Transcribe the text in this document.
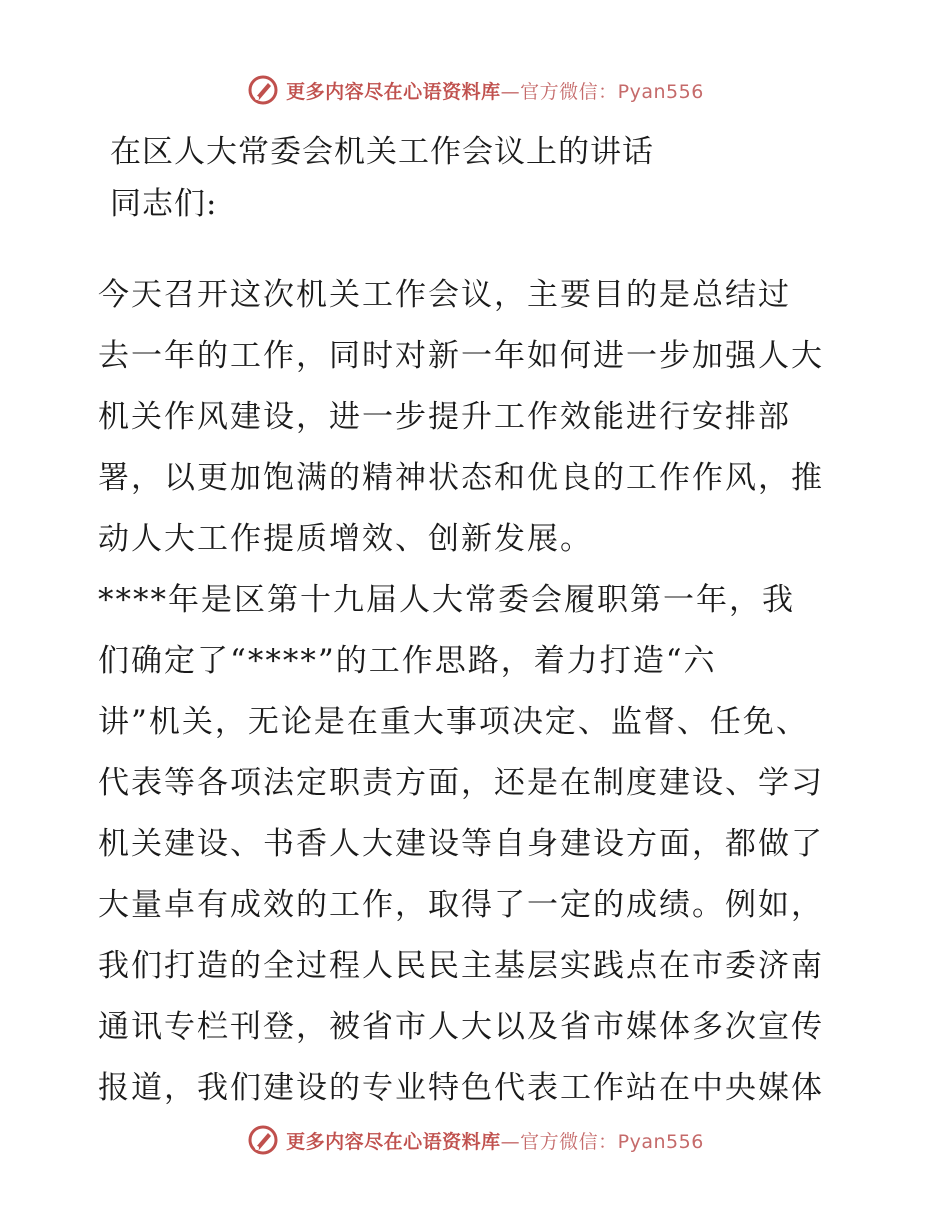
更多内容尽在心语资料库—官方微信：Pyan556
在区人大常委会机关工作会议上的讲话
同志们:

今天召开这次机关工作会议，主要目的是总结过
去一年的工作，同时对新一年如何进一步加强人大
机关作风建设，进一步提升工作效能进行安排部
署，以更加饱满的精神状态和优良的工作作风，推
动人大工作提质增效、创新发展。

****年是区第十九届人大常委会履职第一年，我
们确定了“****”的工作思路，着力打造“六
讲”机关，无论是在重大事项决定、监督、任免、
代表等各项法定职责方面，还是在制度建设、学习
机关建设、书香人大建设等自身建设方面，都做了
大量卓有成效的工作，取得了一定的成绩。例如，
我们打造的全过程人民民主基层实践点在市委济南
通讯专栏刊登，被省市人大以及省市媒体多次宣传
报道，我们建设的专业特色代表工作站在中央媒体

更多内容尽在心语资料库—官方微信：Pyan556
